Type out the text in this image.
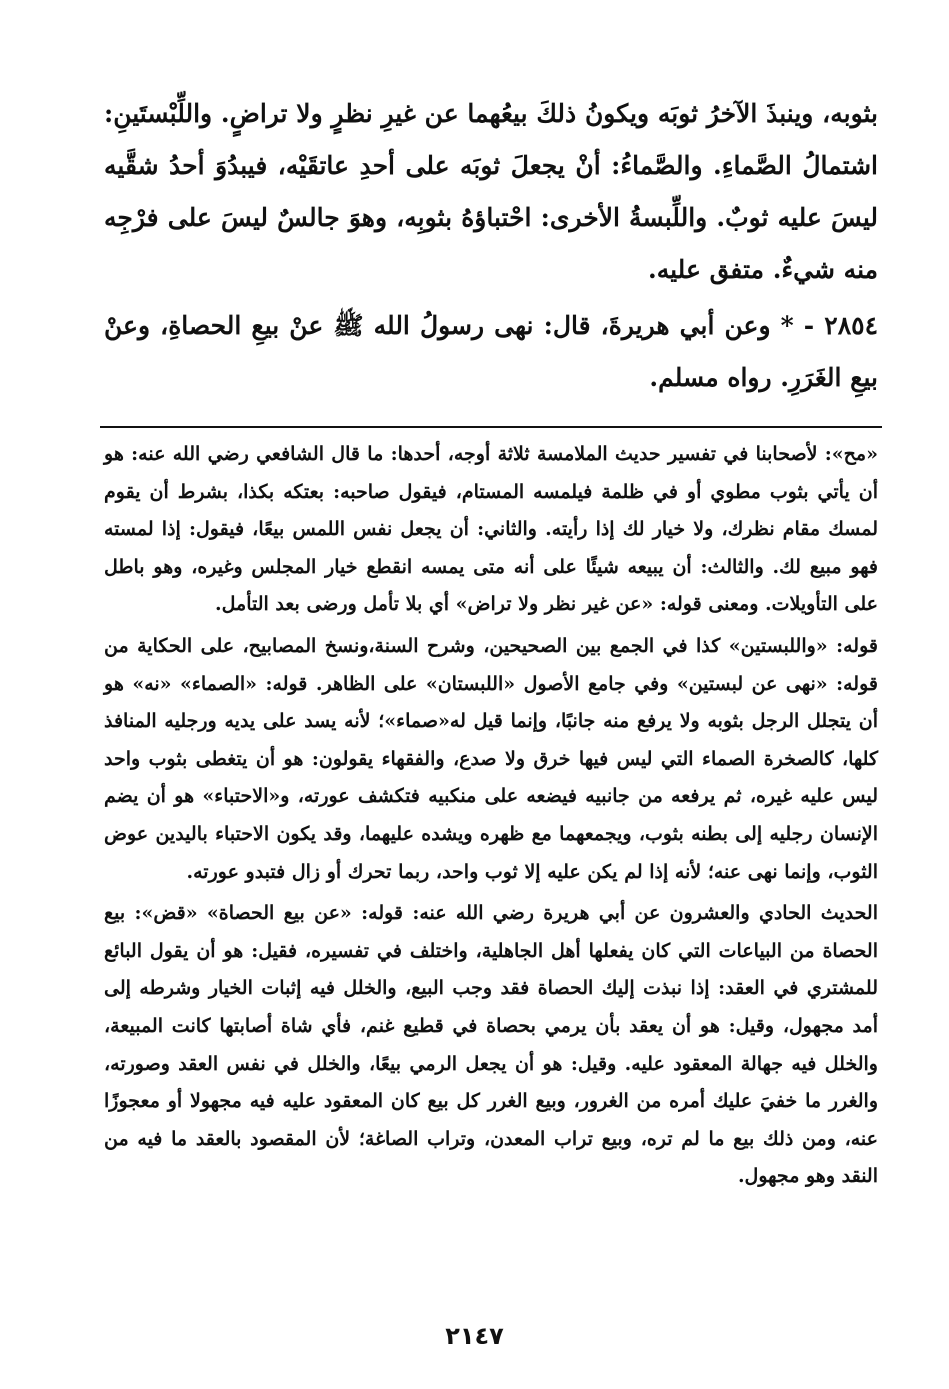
بثوبه، وينبذَ الآخرُ ثوبَه ويكونُ ذلكَ بيعُهما عن غيرِ نظرٍ ولا تراضٍ. واللِّبْستَينِ: اشتمالُ الصَّماءِ. والصَّماءُ: أنْ يجعلَ ثوبَه على أحدِ عاتقَيْه، فيبدُوَ أحدُ شقَّيه ليسَ عليه ثوبٌ. واللِّبسةُ الأخرى: احْتباؤهُ بثوبِه، وهوَ جالسٌ ليسَ على فرْجِه منه شيءٌ. متفق عليه.

٢٨٥٤ - * وعن أبي هريرةَ، قال: نهى رسولُ الله ﷺ عنْ بيعِ الحصاةِ، وعنْ بيعِ الغَرَرِ. رواه مسلم.

«مح»: لأصحابنا في تفسير حديث الملامسة ثلاثة أوجه، أحدها: ما قال الشافعي رضي الله عنه: هو أن يأتي بثوب مطوي أو في ظلمة فيلمسه المستام، فيقول صاحبه: بعتكه بكذا، بشرط أن يقوم لمسك مقام نظرك، ولا خيار لك إذا رأيته. والثاني: أن يجعل نفس اللمس بيعًا، فيقول: إذا لمسته فهو مبيع لك. والثالث: أن يبيعه شيئًا على أنه متى يمسه انقطع خيار المجلس وغيره، وهو باطل على التأويلات. ومعنى قوله: «عن غير نظر ولا تراض» أي بلا تأمل ورضى بعد التأمل.

قوله: «واللبستين» كذا في الجمع بين الصحيحين، وشرح السنة،ونسخ المصابيح، على الحكاية من قوله: «نهى عن لبستين» وفي جامع الأصول «اللبستان» على الظاهر. قوله: «الصماء» «نه» هو أن يتجلل الرجل بثوبه ولا يرفع منه جانبًا، وإنما قيل له«صماء»؛ لأنه يسد على يديه ورجليه المنافذ كلها، كالصخرة الصماء التي ليس فيها خرق ولا صدع، والفقهاء يقولون: هو أن يتغطى بثوب واحد ليس عليه غيره، ثم يرفعه من جانبيه فيضعه على منكبيه فتكشف عورته، و«الاحتباء» هو أن يضم الإنسان رجليه إلى بطنه بثوب، ويجمعهما مع ظهره ويشده عليهما، وقد يكون الاحتباء باليدين عوض الثوب، وإنما نهى عنه؛ لأنه إذا لم يكن عليه إلا ثوب واحد، ربما تحرك أو زال فتبدو عورته.

الحديث الحادي والعشرون عن أبي هريرة رضي الله عنه: قوله: «عن بيع الحصاة» «قض»: بيع الحصاة من البياعات التي كان يفعلها أهل الجاهلية، واختلف في تفسيره، فقيل: هو أن يقول البائع للمشتري في العقد: إذا نبذت إليك الحصاة فقد وجب البيع، والخلل فيه إثبات الخيار وشرطه إلى أمد مجهول، وقيل: هو أن يعقد بأن يرمي بحصاة في قطيع غنم، فأي شاة أصابتها كانت المبيعة، والخلل فيه جهالة المعقود عليه. وقيل: هو أن يجعل الرمي بيعًا، والخلل في نفس العقد وصورته، والغرر ما خفيَ عليك أمره من الغرور، وبيع الغرر كل بيع كان المعقود عليه فيه مجهولا أو معجوزًا عنه، ومن ذلك بيع ما لم تره، وبيع تراب المعدن، وتراب الصاغة؛ لأن المقصود بالعقد ما فيه من النقد وهو مجهول.

٢١٤٧
